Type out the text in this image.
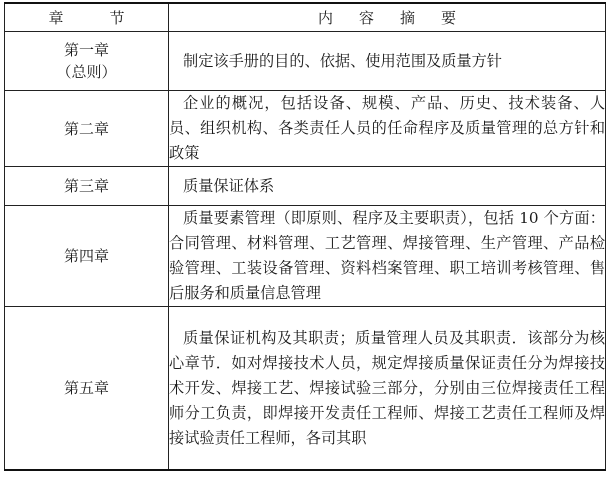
章 节	内 容 摘 要

第一章
（总则）	制定该手册的目的、依据、使用范围及质量方针
第二章	企业的概况，包括设备、规模、产品、历史、技术装备、人员、组织机构、各类责任人员的任命程序及质量管理的总方针和政策
第三章	质量保证体系
第四章	质量要素管理（即原则、程序及主要职责），包括 10 个方面：合同管理、材料管理、工艺管理、焊接管理、生产管理、产品检验管理、工装设备管理、资料档案管理、职工培训考核管理、售后服务和质量信息管理
第五章	质量保证机构及其职责；质量管理人员及其职责．该部分为核心章节．如对焊接技术人员，规定焊接质量保证责任分为焊接技术开发、焊接工艺、焊接试验三部分，分别由三位焊接责任工程师分工负责，即焊接开发责任工程师、焊接工艺责任工程师及焊接试验责任工程师，各司其职
